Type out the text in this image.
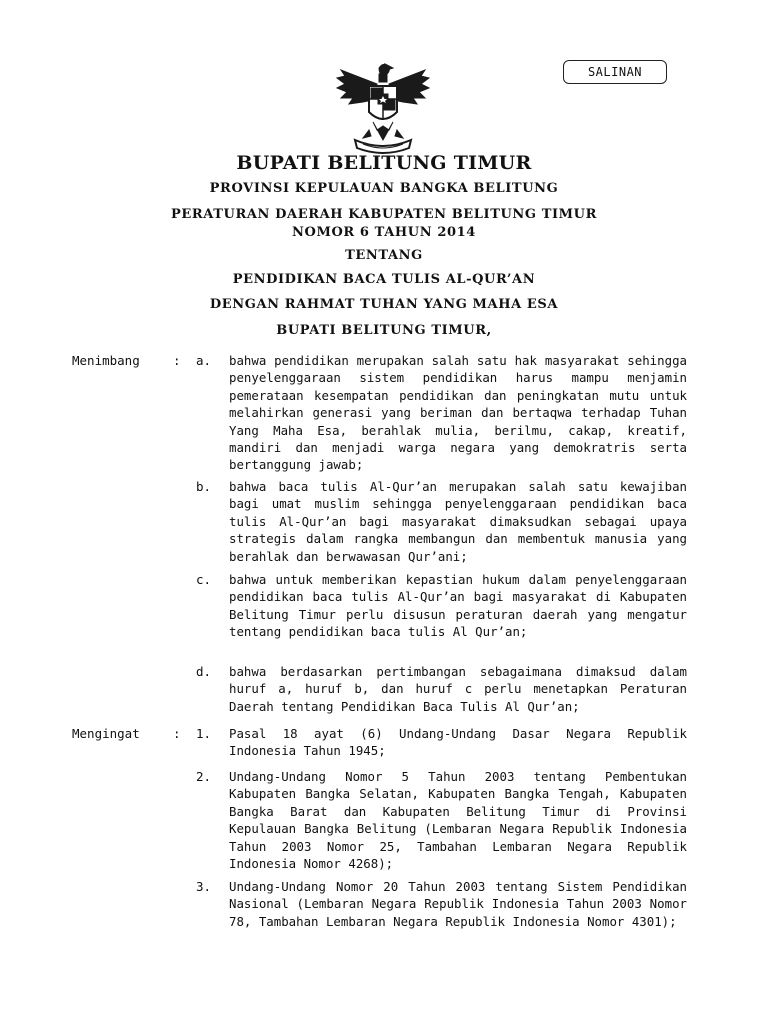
SALINAN
BUPATI BELITUNG TIMUR
PROVINSI KEPULAUAN BANGKA BELITUNG
PERATURAN DAERAH KABUPATEN BELITUNG TIMUR
NOMOR 6 TAHUN 2014
TENTANG
PENDIDIKAN BACA TULIS AL-QUR’AN
DENGAN RAHMAT TUHAN YANG MAHA ESA
BUPATI BELITUNG TIMUR,
Menimbang	: a. bahwa pendidikan merupakan salah satu hak masyarakat sehingga penyelenggaraan sistem pendidikan harus mampu menjamin pemerataan kesempatan pendidikan dan peningkatan mutu untuk melahirkan generasi yang beriman dan bertaqwa terhadap Tuhan Yang Maha Esa, berahlak mulia, berilmu, cakap, kreatif, mandiri dan menjadi warga negara yang demokratris serta bertanggung jawab;

b. bahwa baca tulis Al-Qur’an merupakan salah satu kewajiban bagi umat muslim sehingga penyelenggaraan pendidikan baca tulis Al-Qur’an bagi masyarakat dimaksudkan sebagai upaya strategis dalam rangka membangun dan membentuk manusia yang berahlak dan berwawasan Qur’ani;

c. bahwa untuk memberikan kepastian hukum dalam penyelenggaraan pendidikan baca tulis Al-Qur’an bagi masyarakat di Kabupaten Belitung Timur perlu disusun peraturan daerah yang mengatur tentang pendidikan baca tulis Al Qur’an;

d. bahwa berdasarkan pertimbangan sebagaimana dimaksud dalam huruf a, huruf b, dan huruf c perlu menetapkan Peraturan Daerah tentang Pendidikan Baca Tulis Al Qur’an;

Mengingat	: 1. Pasal 18 ayat (6) Undang-Undang Dasar Negara Republik Indonesia Tahun 1945;

2. Undang-Undang Nomor 5 Tahun 2003 tentang Pembentukan Kabupaten Bangka Selatan, Kabupaten Bangka Tengah, Kabupaten Bangka Barat dan Kabupaten Belitung Timur di Provinsi Kepulauan Bangka Belitung (Lembaran Negara Republik Indonesia Tahun 2003 Nomor 25, Tambahan Lembaran Negara Republik Indonesia Nomor 4268);

3. Undang-Undang Nomor 20 Tahun 2003 tentang Sistem Pendidikan Nasional (Lembaran Negara Republik Indonesia Tahun 2003 Nomor 78, Tambahan Lembaran Negara Republik Indonesia Nomor 4301);
